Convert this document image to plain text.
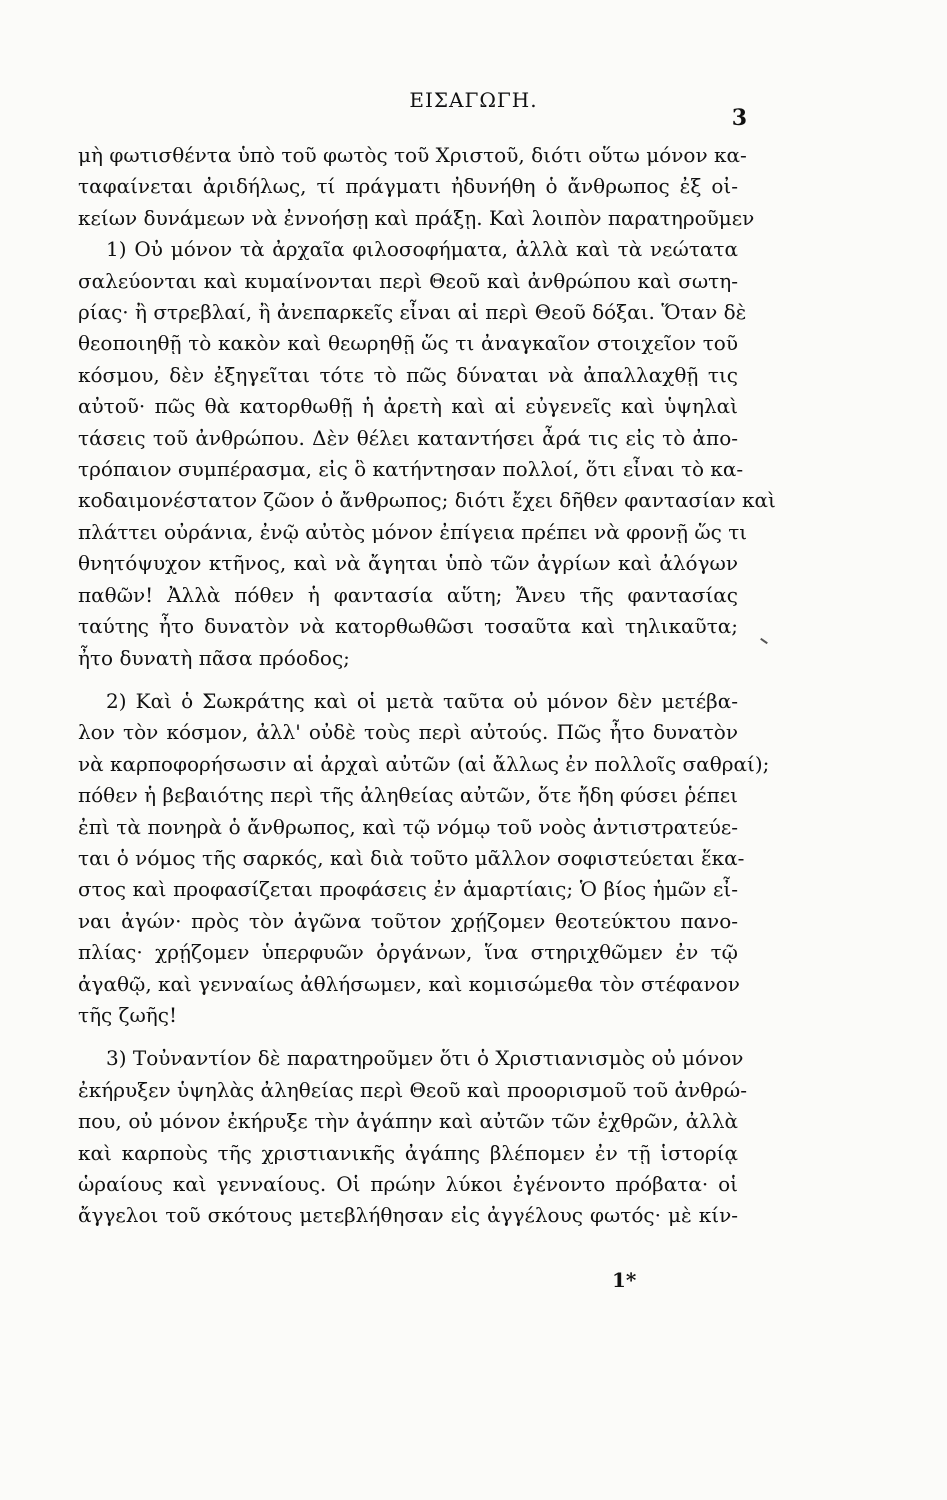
ΕΙΣΑΓΩΓΗ.
3
μὴ φωτισθέντα ὑπὸ τοῦ φωτὸς τοῦ Χριστοῦ, διότι οὕτω μόνον κα-
ταφαίνεται ἀριδήλως, τί πράγματι ἠδυνήθη ὁ ἄνθρωπος ἐξ οἰ-
κείων δυνάμεων νὰ ἐννοήσῃ καὶ πράξῃ. Καὶ λοιπὸν παρατηροῦμεν
1) Οὐ μόνον τὰ ἀρχαῖα φιλοσοφήματα, ἀλλὰ καὶ τὰ νεώτατα
σαλεύονται καὶ κυμαίνονται περὶ Θεοῦ καὶ ἀνθρώπου καὶ σωτη-
ρίας· ἢ στρεβλαί, ἢ ἀνεπαρκεῖς εἶναι αἱ περὶ Θεοῦ δόξαι. Ὅταν δὲ
θεοποιηθῇ τὸ κακὸν καὶ θεωρηθῇ ὥς τι ἀναγκαῖον στοιχεῖον τοῦ
κόσμου, δὲν ἐξηγεῖται τότε τὸ πῶς δύναται νὰ ἀπαλλαχθῇ τις
αὐτοῦ· πῶς θὰ κατορθωθῇ ἡ ἀρετὴ καὶ αἱ εὐγενεῖς καὶ ὑψηλαὶ
τάσεις τοῦ ἀνθρώπου. Δὲν θέλει καταντήσει ἆρά τις εἰς τὸ ἀπο-
τρόπαιον συμπέρασμα, εἰς ὃ κατήντησαν πολλοί, ὅτι εἶναι τὸ κα-
κοδαιμονέστατον ζῶον ὁ ἄνθρωπος; διότι ἔχει δῆθεν φαντασίαν καὶ
πλάττει οὐράνια, ἐνῷ αὐτὸς μόνον ἐπίγεια πρέπει νὰ φρονῇ ὥς τι
θνητόψυχον κτῆνος, καὶ νὰ ἄγηται ὑπὸ τῶν ἀγρίων καὶ ἀλόγων
παθῶν! Ἀλλὰ πόθεν ἡ φαντασία αὕτη; Ἄνευ τῆς φαντασίας
ταύτης ἦτο δυνατὸν νὰ κατορθωθῶσι τοσαῦτα καὶ τηλικαῦτα;
ἦτο δυνατὴ πᾶσα πρόοδος;
2) Καὶ ὁ Σωκράτης καὶ οἱ μετὰ ταῦτα οὐ μόνον δὲν μετέβα-
λον τὸν κόσμον, ἀλλ' οὐδὲ τοὺς περὶ αὐτούς. Πῶς ἦτο δυνατὸν
νὰ καρποφορήσωσιν αἱ ἀρχαὶ αὐτῶν (αἱ ἄλλως ἐν πολλοῖς σαθραί);
πόθεν ἡ βεβαιότης περὶ τῆς ἀληθείας αὐτῶν, ὅτε ἤδη φύσει ῥέπει
ἐπὶ τὰ πονηρὰ ὁ ἄνθρωπος, καὶ τῷ νόμῳ τοῦ νοὸς ἀντιστρατεύε-
ται ὁ νόμος τῆς σαρκός, καὶ διὰ τοῦτο μᾶλλον σοφιστεύεται ἕκα-
στος καὶ προφασίζεται προφάσεις ἐν ἁμαρτίαις; Ὁ βίος ἡμῶν εἶ-
ναι ἀγών· πρὸς τὸν ἀγῶνα τοῦτον χρῄζομεν θεοτεύκτου πανο-
πλίας· χρῄζομεν ὑπερφυῶν ὀργάνων, ἵνα στηριχθῶμεν ἐν τῷ
ἀγαθῷ, καὶ γενναίως ἀθλήσωμεν, καὶ κομισώμεθα τὸν στέφανον
τῆς ζωῆς!
3) Τοὐναντίον δὲ παρατηροῦμεν ὅτι ὁ Χριστιανισμὸς οὐ μόνον
ἐκήρυξεν ὑψηλὰς ἀληθείας περὶ Θεοῦ καὶ προορισμοῦ τοῦ ἀνθρώ-
που, οὐ μόνον ἐκήρυξε τὴν ἀγάπην καὶ αὐτῶν τῶν ἐχθρῶν, ἀλλὰ
καὶ καρποὺς τῆς χριστιανικῆς ἀγάπης βλέπομεν ἐν τῇ ἱστορίᾳ
ὡραίους καὶ γενναίους. Οἱ πρώην λύκοι ἐγένοντο πρόβατα· οἱ
ἄγγελοι τοῦ σκότους μετεβλήθησαν εἰς ἀγγέλους φωτός· μὲ κίν-
1*
